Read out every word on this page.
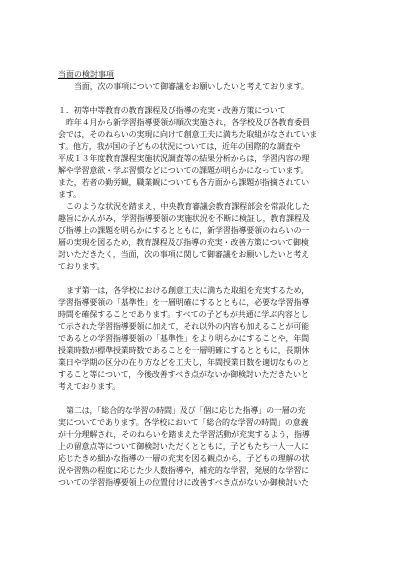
当面の検討事項

当面，次の事項について御審議をお願いしたいと考えております。
１．初等中等教育の教育課程及び指導の充実・改善方策について
昨年４月から新学習指導要領が順次実施され，各学校及び各教育委員
会では，そのねらいの実現に向けて創意工夫に満ちた取組がなされていま
す。他方，我が国の子どもの状況については，近年の国際的な調査や
平成１３年度教育課程実施状況調査等の結果分析からは，学習内容の理
解や学習意欲・学ぶ習慣などについての課題が明らかになっています。
また，若者の勤労観，職業観についても各方面から課題が指摘されてい
ます。
このような状況を踏まえ，中央教育審議会教育課程部会を常設化した
趣旨にかんがみ，学習指導要領の実施状況を不断に検証し，教育課程及
び指導上の課題を明らかにするとともに，新学習指導要領のねらいの一
層の実現を図るため，教育課程及び指導の充実・改善方策について御検
討いただきたく，当面，次の事項に関して御審議をお願いしたいと考え
ております。
まず第一は，各学校における創意工夫に満ちた取組を充実するため，
学習指導要領の「基準性」を一層明確にするとともに，必要な学習指導
時間を確保することであります。すべての子どもが共通に学ぶ内容とし
て示された学習指導要領に加えて，それ以外の内容も加えることが可能
であるとの学習指導要領の「基準性」をより明らかにすることや，年間
授業時数が標準授業時数であることを一層明確にするとともに，長期休
業日や学期の区分の在り方などを工夫し，年間授業日数を適切なものと
すること等について，今後改善すべき点がないか御検討いただきたいと
考えております。
第二は，「総合的な学習の時間」及び「個に応じた指導」の一層の充
実についてであります。各学校において「総合的な学習の時間」の意義
が十分理解され，そのねらいを踏まえた学習活動が充実するよう，指導
上の留意点等について御検討いただくとともに，子どもたち一人一人に
応じたきめ細かな指導の一層の充実を図る観点から，子どもの理解の状
況や習熟の程度に応じた少人数指導や，補充的な学習，発展的な学習に
ついての学習指導要領上の位置付けに改善すべき点がないか御検討いた
